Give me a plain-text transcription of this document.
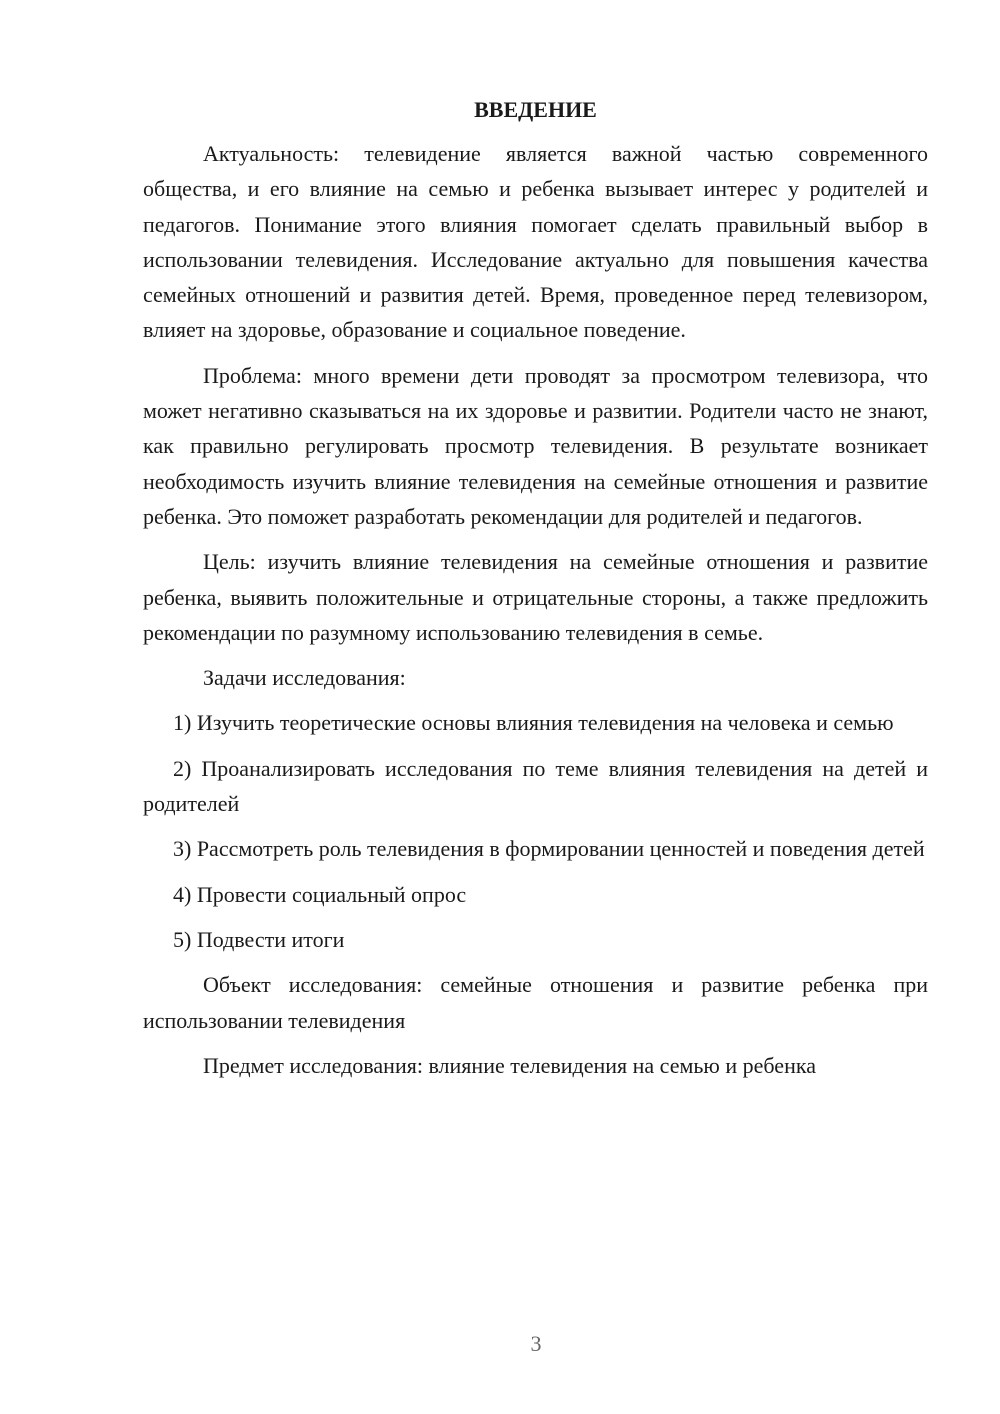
ВВЕДЕНИЕ

Актуальность: телевидение является важной частью современного общества, и его влияние на семью и ребенка вызывает интерес у родителей и педагогов. Понимание этого влияния помогает сделать правильный выбор в использовании телевидения. Исследование актуально для повышения качества семейных отношений и развития детей. Время, проведенное перед телевизором, влияет на здоровье, образование и социальное поведение.

Проблема: много времени дети проводят за просмотром телевизора, что может негативно сказываться на их здоровье и развитии. Родители часто не знают, как правильно регулировать просмотр телевидения. В результате возникает необходимость изучить влияние телевидения на семейные отношения и развитие ребенка. Это поможет разработать рекомендации для родителей и педагогов.

Цель: изучить влияние телевидения на семейные отношения и развитие ребенка, выявить положительные и отрицательные стороны, а также предложить рекомендации по разумному использованию телевидения в семье.

Задачи исследования:

1) Изучить теоретические основы влияния телевидения на человека и семью

2) Проанализировать исследования по теме влияния телевидения на детей и родителей

3) Рассмотреть роль телевидения в формировании ценностей и поведения детей

4) Провести социальный опрос

5) Подвести итоги

Объект исследования: семейные отношения и развитие ребенка при использовании телевидения

Предмет исследования: влияние телевидения на семью и ребенка

3
